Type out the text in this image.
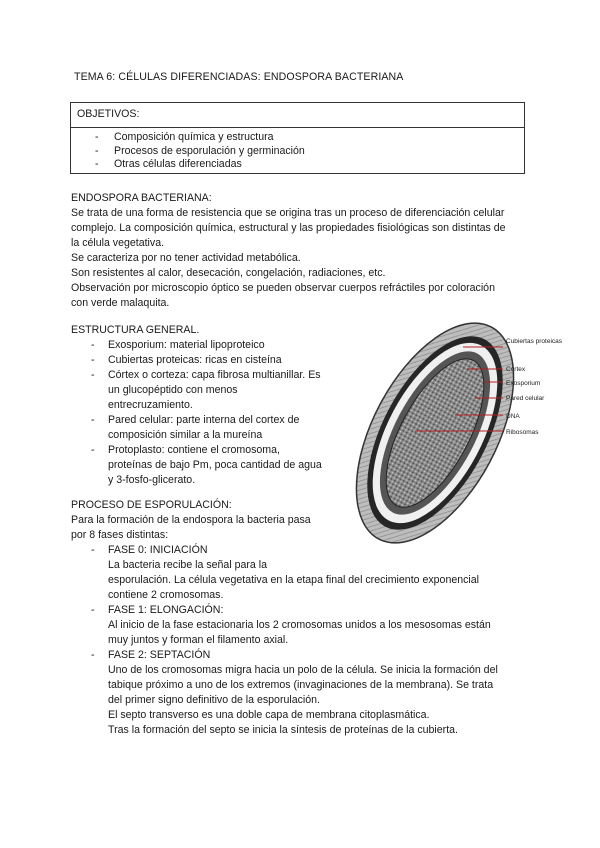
TEMA 6: CÉLULAS DIFERENCIADAS: ENDOSPORA BACTERIANA
OBJETIVOS:
- Composición química y estructura
- Procesos de esporulación y germinación
- Otras células diferenciadas

ENDOSPORA BACTERIANA:

Se trata de una forma de resistencia que se origina tras un proceso de diferenciación celular

complejo. La composición química, estructural y las propiedades fisiológicas son distintas de

la célula vegetativa.

Se caracteriza por no tener actividad metabólica.

Son resistentes al calor, desecación, congelación, radiaciones, etc.

Observación por microscopio óptico se pueden observar cuerpos refráctiles por coloración

con verde malaquita.

ESTRUCTURA GENERAL.

- Exosporium: material lipoproteico
- Cubiertas proteicas: ricas en cisteína
- Córtex o corteza: capa fibrosa multianillar. Es
un glucopéptido con menos
entrecruzamiento.
- Pared celular: parte interna del cortex de
composición similar a la mureína
- Protoplasto: contiene el cromosoma,
proteínas de bajo Pm, poca cantidad de agua
y 3-fosfo-glicerato.
Cubiertas proteicas
Córtex
Exosporium
Pared celular
DNA
Ribosomas

PROCESO DE ESPORULACIÓN:

Para la formación de la endospora la bacteria pasa

por 8 fases distintas:

- FASE 0: INICIACIÓN

La bacteria recibe la señal para la

esporulación. La célula vegetativa en la etapa final del crecimiento exponencial

contiene 2 cromosomas.

- FASE 1: ELONGACIÓN:

Al inicio de la fase estacionaria los 2 cromosomas unidos a los mesosomas están

muy juntos y forman el filamento axial.

- FASE 2: SEPTACIÓN

Uno de los cromosomas migra hacia un polo de la célula. Se inicia la formación del

tabique próximo a uno de los extremos (invaginaciones de la membrana). Se trata

del primer signo definitivo de la esporulación.

El septo transverso es una doble capa de membrana citoplasmática.

Tras la formación del septo se inicia la síntesis de proteínas de la cubierta.
